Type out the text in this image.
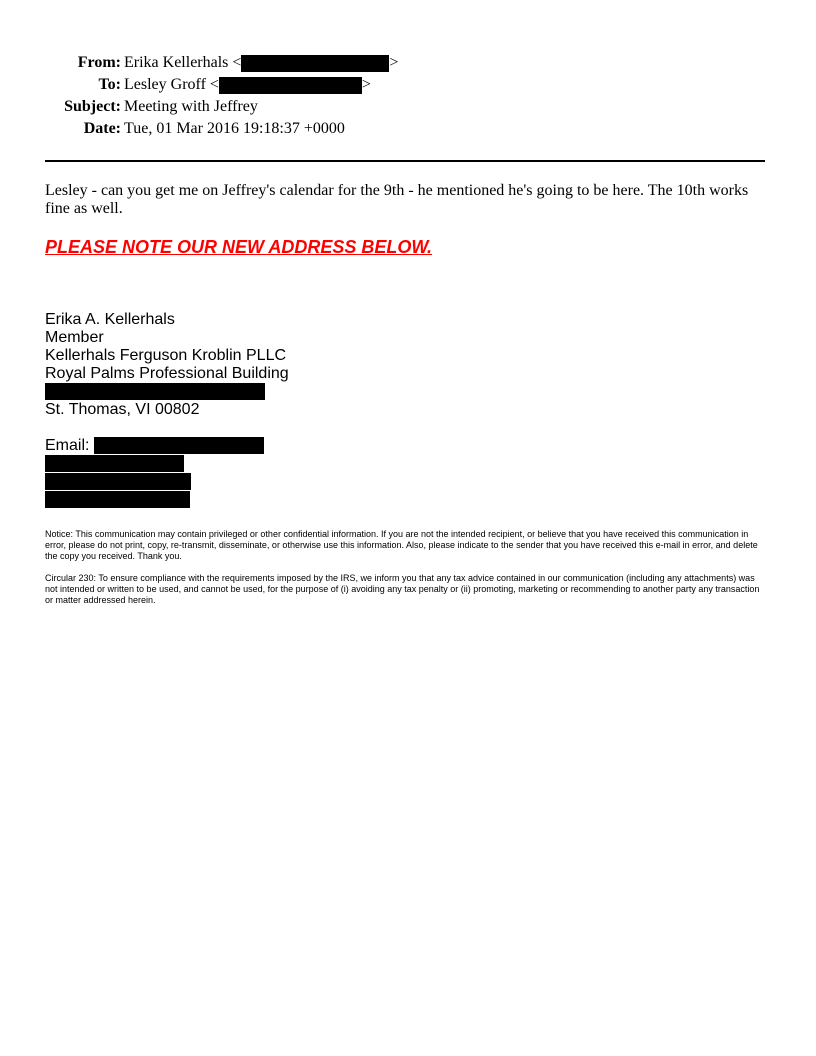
From: Erika Kellerhals <	>
To: Lesley Groff <	>
Subject: Meeting with Jeffrey
Date: Tue, 01 Mar 2016 19:18:37 +0000

Lesley - can you get me on Jeffrey's calendar for the 9th - he mentioned he's going to be here. The 10th works fine as well.

PLEASE NOTE OUR NEW ADDRESS BELOW.
Erika A. Kellerhals
Member
Kellerhals Ferguson Kroblin PLLC
Royal Palms Professional Building
St. Thomas, VI 00802
Email:

Notice: This communication may contain privileged or other confidential information. If you are not the intended recipient, or believe that you have received this communication in error, please do not print, copy, re-transmit, disseminate, or otherwise use this information. Also, please indicate to the sender that you have received this e-mail in error, and delete the copy you received. Thank you.

Circular 230: To ensure compliance with the requirements imposed by the IRS, we inform you that any tax advice contained in our communication (including any attachments) was not intended or written to be used, and cannot be used, for the purpose of (i) avoiding any tax penalty or (ii) promoting, marketing or recommending to another party any transaction or matter addressed herein.
